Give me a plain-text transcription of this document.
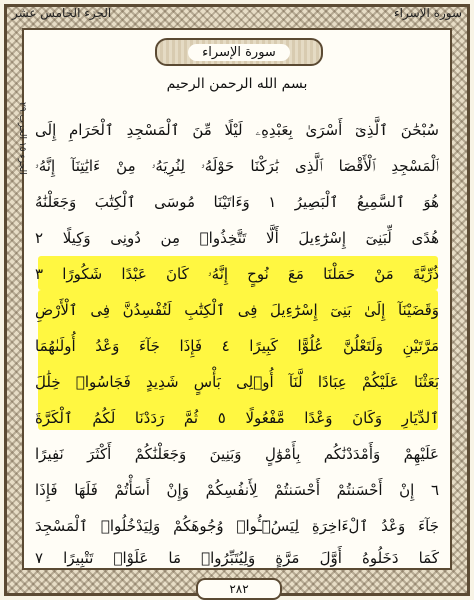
الجزء الخامس عشر	سورة الإسراء
سورة الإسراء
بسم الله الرحمن الرحيم
الجزء ١٥ الحزب ٢٩
سُبْحَٰنَ ٱلَّذِىٓ أَسْرَىٰ بِعَبْدِهِۦ لَيْلًا مِّنَ ٱلْمَسْجِدِ ٱلْحَرَامِ إِلَى
ٱلْمَسْجِدِ ٱلْأَقْصَا ٱلَّذِى بَٰرَكْنَا حَوْلَهُۥ لِنُرِيَهُۥ مِنْ ءَايَٰتِنَآ إِنَّهُۥ
هُوَ ٱلسَّمِيعُ ٱلْبَصِيرُ ١ وَءَاتَيْنَا مُوسَى ٱلْكِتَٰبَ وَجَعَلْنَٰهُ
هُدًى لِّبَنِىٓ إِسْرَٰٓءِيلَ أَلَّا تَتَّخِذُوا۟ مِن دُونِى وَكِيلًا ٢
ذُرِّيَّةَ مَنْ حَمَلْنَا مَعَ نُوحٍ إِنَّهُۥ كَانَ عَبْدًا شَكُورًا ٣
وَقَضَيْنَآ إِلَىٰ بَنِىٓ إِسْرَٰٓءِيلَ فِى ٱلْكِتَٰبِ لَتُفْسِدُنَّ فِى ٱلْأَرْضِ
مَرَّتَيْنِ وَلَتَعْلُنَّ عُلُوًّا كَبِيرًا ٤ فَإِذَا جَآءَ وَعْدُ أُولَىٰهُمَا
بَعَثْنَا عَلَيْكُمْ عِبَادًا لَّنَآ أُو۟لِى بَأْسٍ شَدِيدٍ فَجَاسُوا۟ خِلَٰلَ
ٱلدِّيَارِ وَكَانَ وَعْدًا مَّفْعُولًا ٥ ثُمَّ رَدَدْنَا لَكُمُ ٱلْكَرَّةَ
عَلَيْهِمْ وَأَمْدَدْنَٰكُم بِأَمْوَٰلٍ وَبَنِينَ وَجَعَلْنَٰكُمْ أَكْثَرَ نَفِيرًا
٦ إِنْ أَحْسَنتُمْ أَحْسَنتُمْ لِأَنفُسِكُمْ وَإِنْ أَسَأْتُمْ فَلَهَا فَإِذَا
جَآءَ وَعْدُ ٱلْءَاخِرَةِ لِيَسُۥٓـُٔوا۟ وُجُوهَكُمْ وَلِيَدْخُلُوا۟ ٱلْمَسْجِدَ
كَمَا دَخَلُوهُ أَوَّلَ مَرَّةٍ وَلِيُتَبِّرُوا۟ مَا عَلَوْا۟ تَتْبِيرًا ٧
٢٨٢
